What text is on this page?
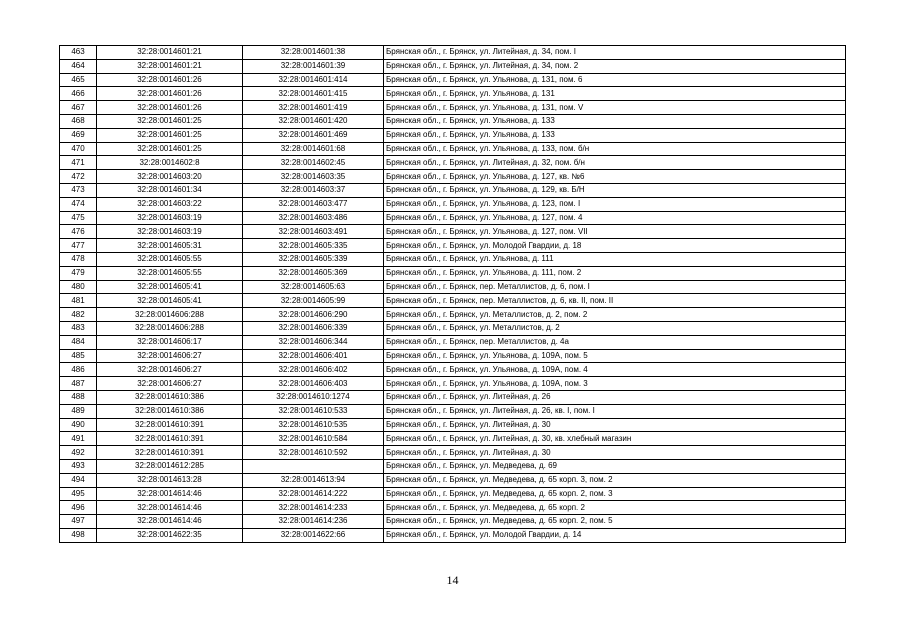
463	32:28:0014601:21	32:28:0014601:38	Брянская обл., г. Брянск, ул. Литейная, д. 34, пом. I
464	32:28:0014601:21	32:28:0014601:39	Брянская обл., г. Брянск, ул. Литейная, д. 34, пом. 2
465	32:28:0014601:26	32:28:0014601:414	Брянская обл., г. Брянск, ул. Ульянова, д. 131, пом. 6
466	32:28:0014601:26	32:28:0014601:415	Брянская обл., г. Брянск, ул. Ульянова, д. 131
467	32:28:0014601:26	32:28:0014601:419	Брянская обл., г. Брянск, ул. Ульянова, д. 131, пом. V
468	32:28:0014601:25	32:28:0014601:420	Брянская обл., г. Брянск, ул. Ульянова, д. 133
469	32:28:0014601:25	32:28:0014601:469	Брянская обл., г. Брянск, ул. Ульянова, д. 133
470	32:28:0014601:25	32:28:0014601:68	Брянская обл., г. Брянск, ул. Ульянова, д. 133, пом. б/н
471	32:28:0014602:8	32:28:0014602:45	Брянская обл., г. Брянск, ул. Литейная, д. 32, пом. б/н
472	32:28:0014603:20	32:28:0014603:35	Брянская обл., г. Брянск, ул. Ульянова, д. 127, кв. №6
473	32:28:0014601:34	32:28:0014603:37	Брянская обл., г. Брянск, ул. Ульянова, д. 129, кв. Б/Н
474	32:28:0014603:22	32:28:0014603:477	Брянская обл., г. Брянск, ул. Ульянова, д. 123, пом. I
475	32:28:0014603:19	32:28:0014603:486	Брянская обл., г. Брянск, ул. Ульянова, д. 127, пом. 4
476	32:28:0014603:19	32:28:0014603:491	Брянская обл., г. Брянск, ул. Ульянова, д. 127, пом. VII
477	32:28:0014605:31	32:28:0014605:335	Брянская обл., г. Брянск, ул. Молодой Гвардии, д. 18
478	32:28:0014605:55	32:28:0014605:339	Брянская обл., г. Брянск, ул. Ульянова, д. 111
479	32:28:0014605:55	32:28:0014605:369	Брянская обл., г. Брянск, ул. Ульянова, д. 111, пом. 2
480	32:28:0014605:41	32:28:0014605:63	Брянская обл., г. Брянск, пер. Металлистов, д. 6, пом. I
481	32:28:0014605:41	32:28:0014605:99	Брянская обл., г. Брянск, пер. Металлистов, д. 6, кв. II, пом. II
482	32:28:0014606:288	32:28:0014606:290	Брянская обл., г. Брянск, ул. Металлистов, д. 2, пом. 2
483	32:28:0014606:288	32:28:0014606:339	Брянская обл., г. Брянск, ул. Металлистов, д. 2
484	32:28:0014606:17	32:28:0014606:344	Брянская обл., г. Брянск, пер. Металлистов, д. 4а
485	32:28:0014606:27	32:28:0014606:401	Брянская обл., г. Брянск, ул. Ульянова, д. 109А, пом. 5
486	32:28:0014606:27	32:28:0014606:402	Брянская обл., г. Брянск, ул. Ульянова, д. 109А, пом. 4
487	32:28:0014606:27	32:28:0014606:403	Брянская обл., г. Брянск, ул. Ульянова, д. 109А, пом. 3
488	32:28:0014610:386	32:28:0014610:1274	Брянская обл., г. Брянск, ул. Литейная, д. 26
489	32:28:0014610:386	32:28:0014610:533	Брянская обл., г. Брянск, ул. Литейная, д. 26, кв. I, пом. I
490	32:28:0014610:391	32:28:0014610:535	Брянская обл., г. Брянск, ул. Литейная, д. 30
491	32:28:0014610:391	32:28:0014610:584	Брянская обл., г. Брянск, ул. Литейная, д. 30, кв. хлебный магазин
492	32:28:0014610:391	32:28:0014610:592	Брянская обл., г. Брянск, ул. Литейная, д. 30
493	32:28:0014612:285		Брянская обл., г. Брянск, ул. Медведева, д. 69
494	32:28:0014613:28	32:28:0014613:94	Брянская обл., г. Брянск, ул. Медведева, д. 65 корп. 3, пом. 2
495	32:28:0014614:46	32:28:0014614:222	Брянская обл., г. Брянск, ул. Медведева, д. 65 корп. 2, пом. 3
496	32:28:0014614:46	32:28:0014614:233	Брянская обл., г. Брянск, ул. Медведева, д. 65 корп. 2
497	32:28:0014614:46	32:28:0014614:236	Брянская обл., г. Брянск, ул. Медведева, д. 65 корп. 2, пом. 5
498	32:28:0014622:35	32:28:0014622:66	Брянская обл., г. Брянск, ул. Молодой Гвардии, д. 14
14
